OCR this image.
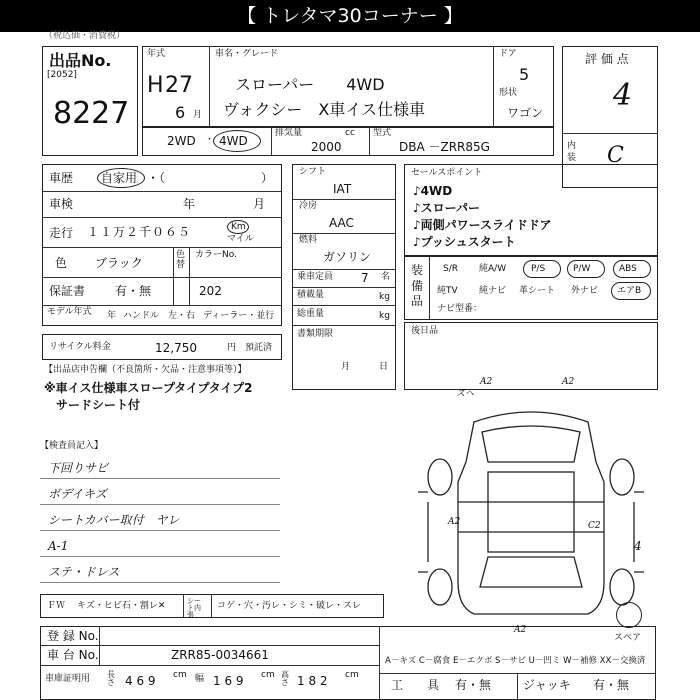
【 トレタマ30コーナー 】
（税込価・消費税）
出品No.
[2052]
8227
年式
H 27
6 月
車名・グレード
スローパー　　4WD
ヴォクシー　X車イス仕様車
ドア
5
形状
ワゴン
評 価 点
4
内装 C
2WD ・ 4WD
排気量	cc
2000
型式
DBA －ZRR85G
車歴 自家用 ・（　　　　　　　　）
車検	年	月
走行 １１万２千０６５	Km
マイル
色 ブラック
色替
カラーNo.
202
保証書 有・無
モデル年式 年 ハンドル　左・右 ディーラー・並行
リサイクル料金	12,750	円　預託済
シフト
IAT
冷房
AAC
燃料
ガソリン
乗車定員 7 名
積載量	kg
総重量	kg
書類期限
月	日
セールスポイント
♪4WD
♪スローパー
♪両側パワースライドドア
♪プッシュスタート
装備品
S/R 純A/W	P/S	P/W	ABS
純TV 純ナビ 革シート 外ナビ エアB
ナビ型番：
後日品
【出品店申告欄（不良箇所・欠品・注意事項等）】
※車イス仕様車スロープタイプタイプ2
サードシート付
【検査員記入】
下回りサビ
ボデイキズ
シートカバー取付　ヤレ
A-1
ステ・ドレス
ＦＷ キズ・ヒビ石・割レ✕	シート内張
コゲ・穴・汚レ・シミ・破レ・スレ
登 録 No.
車 台 No.	ZRR85-0034661
車庫証明用 長さ 4 6 9 cm 幅 1 6 9 cm 高さ 1 8 2 cm
A－キズ C－腐食 E－エクボ S－サビ U－凹ミ W－補修 XX－交換済
工　　具 有・無	ジャッキ 有・無
スペア
A2	A2
ズヘ
A2	C2
A2
4
